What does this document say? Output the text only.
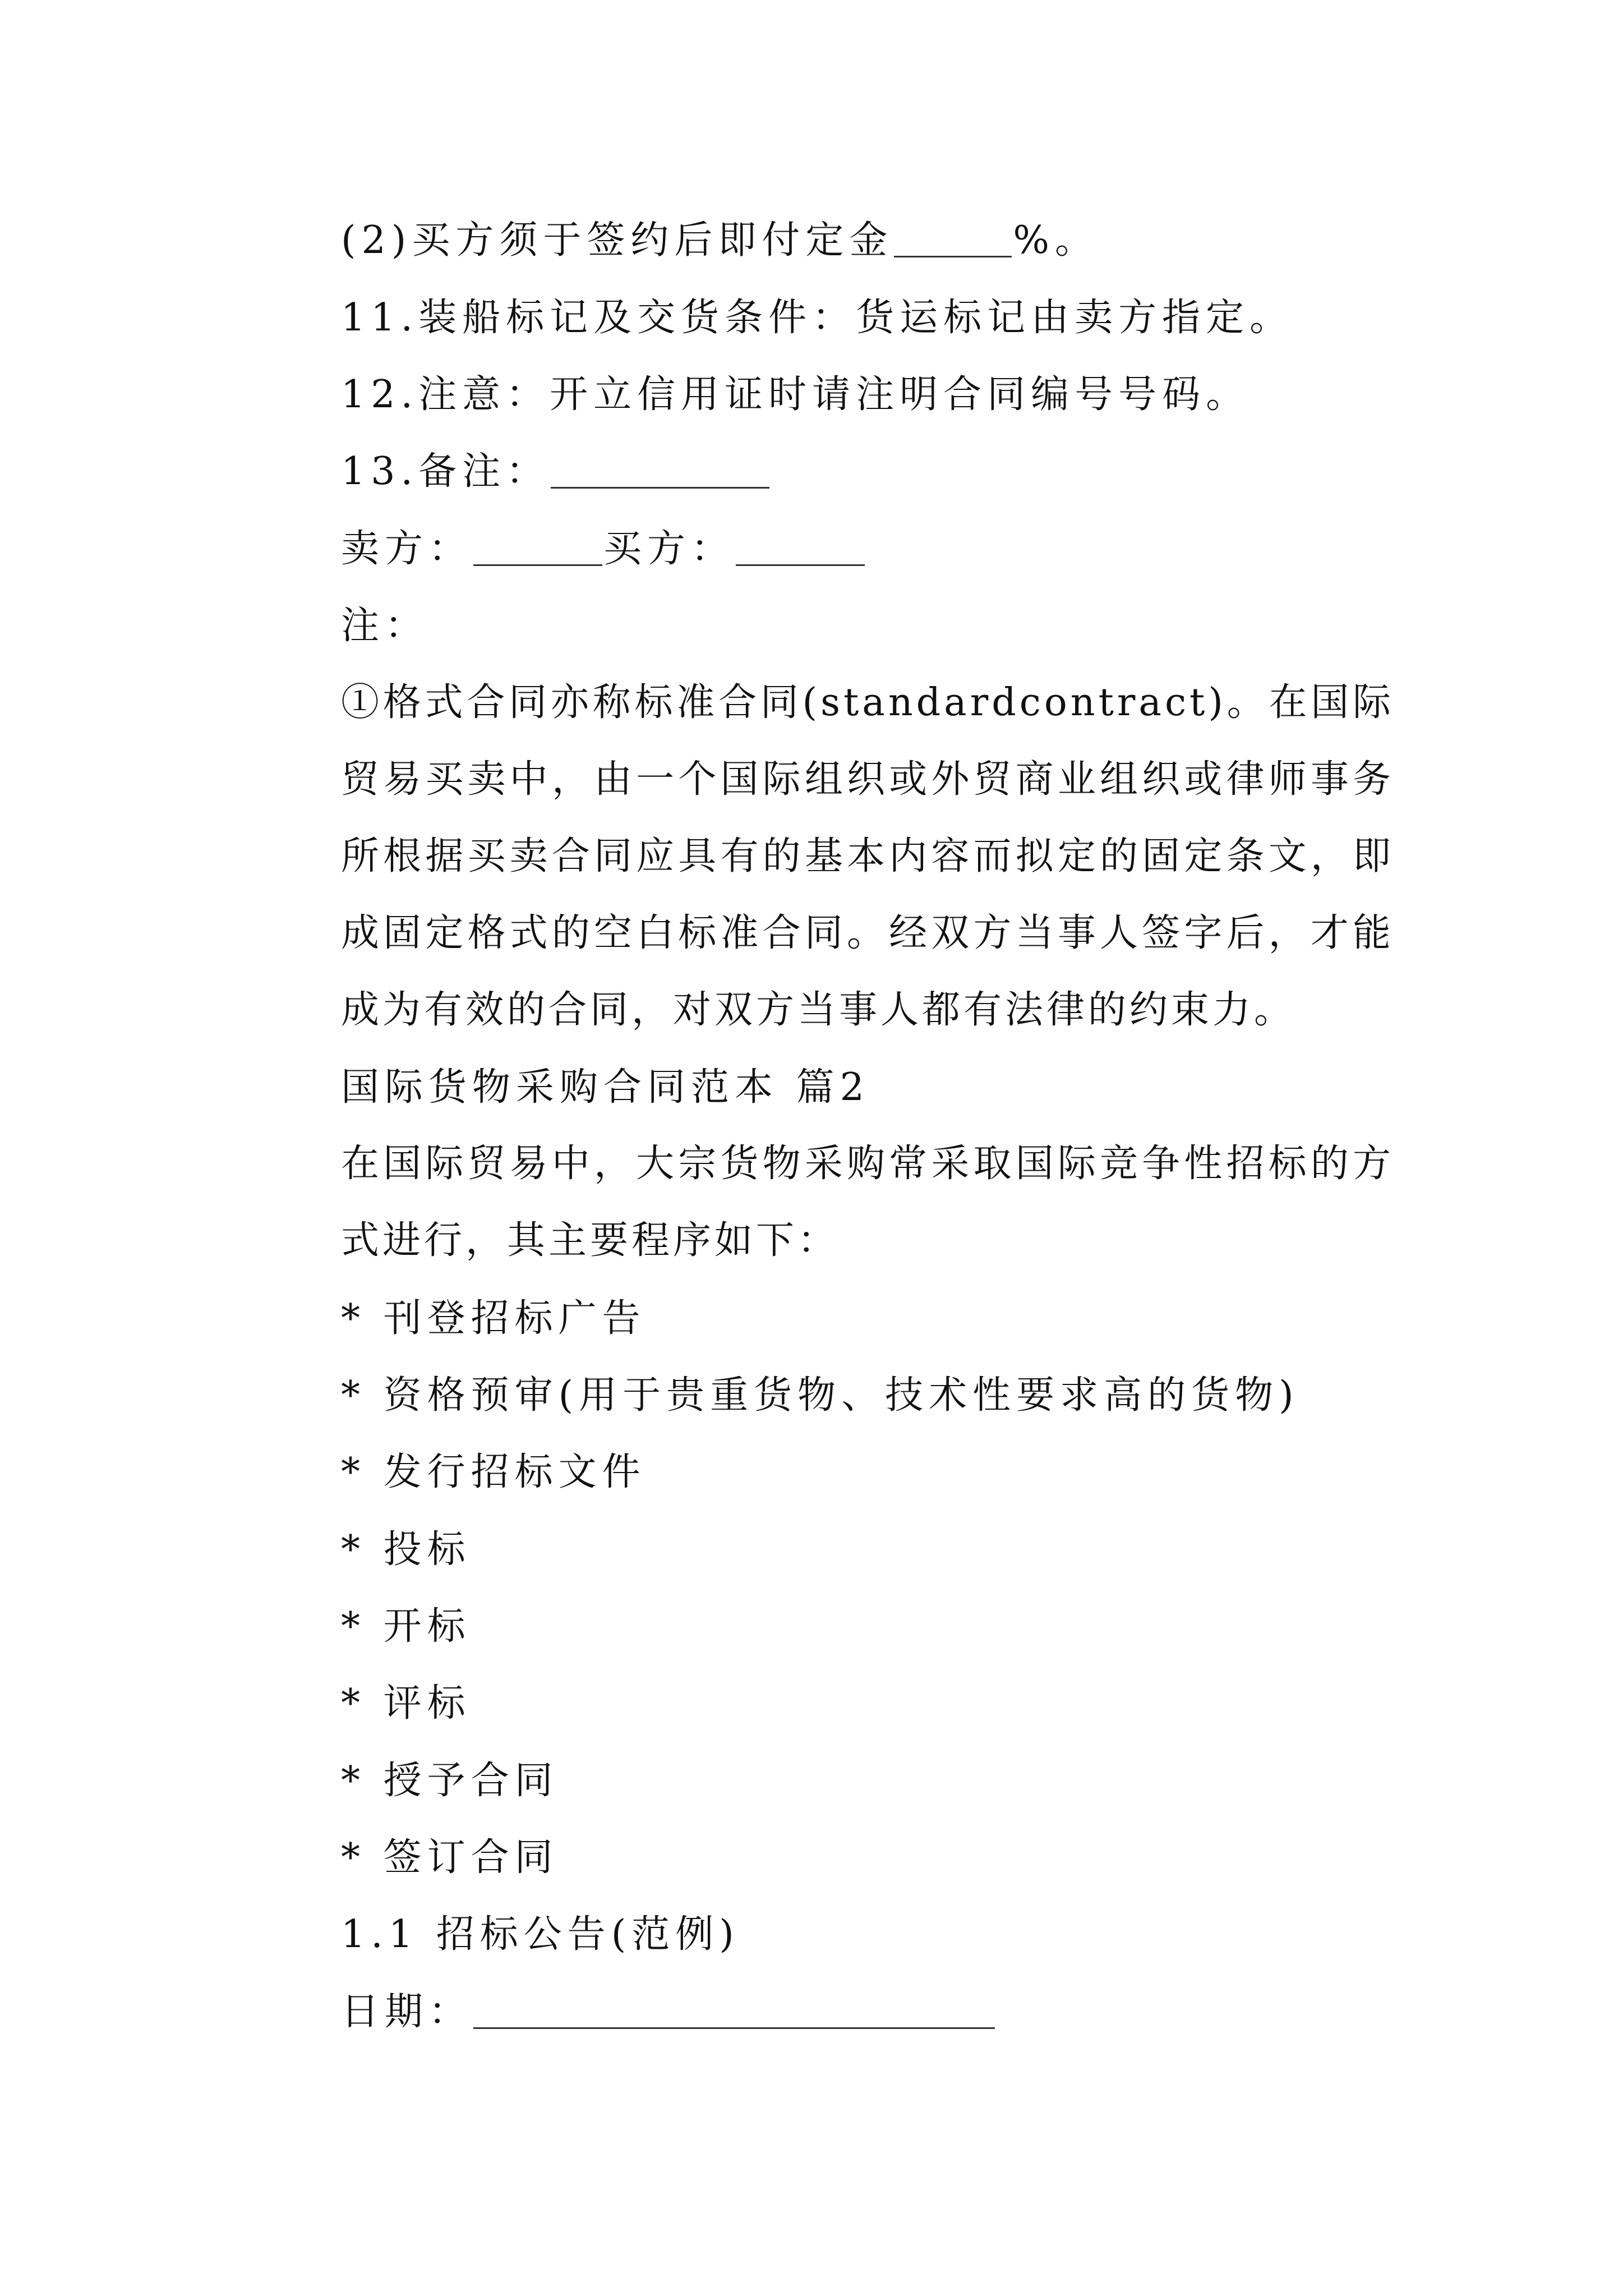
(2)买方须于签约后即付定金	%。
11.装船标记及交货条件：货运标记由卖方指定。
12.注意：开立信用证时请注明合同编号号码。
13.备注：
卖方：	买方：
注：
①格式合同亦称标准合同(standardcontract)。在国际贸易买卖中，由一个国际组织或外贸商业组织或律师事务所根据买卖合同应具有的基本内容而拟定的固定条文，即成固定格式的空白标准合同。经双方当事人签字后，才能成为有效的合同，对双方当事人都有法律的约束力。
国际货物采购合同范本 篇2
在国际贸易中，大宗货物采购常采取国际竞争性招标的方式进行，其主要程序如下：
* 刊登招标广告
* 资格预审(用于贵重货物、技术性要求高的货物)
* 发行招标文件
* 投标
* 开标
* 评标
* 授予合同
* 签订合同
1.1 招标公告(范例)
日期：
